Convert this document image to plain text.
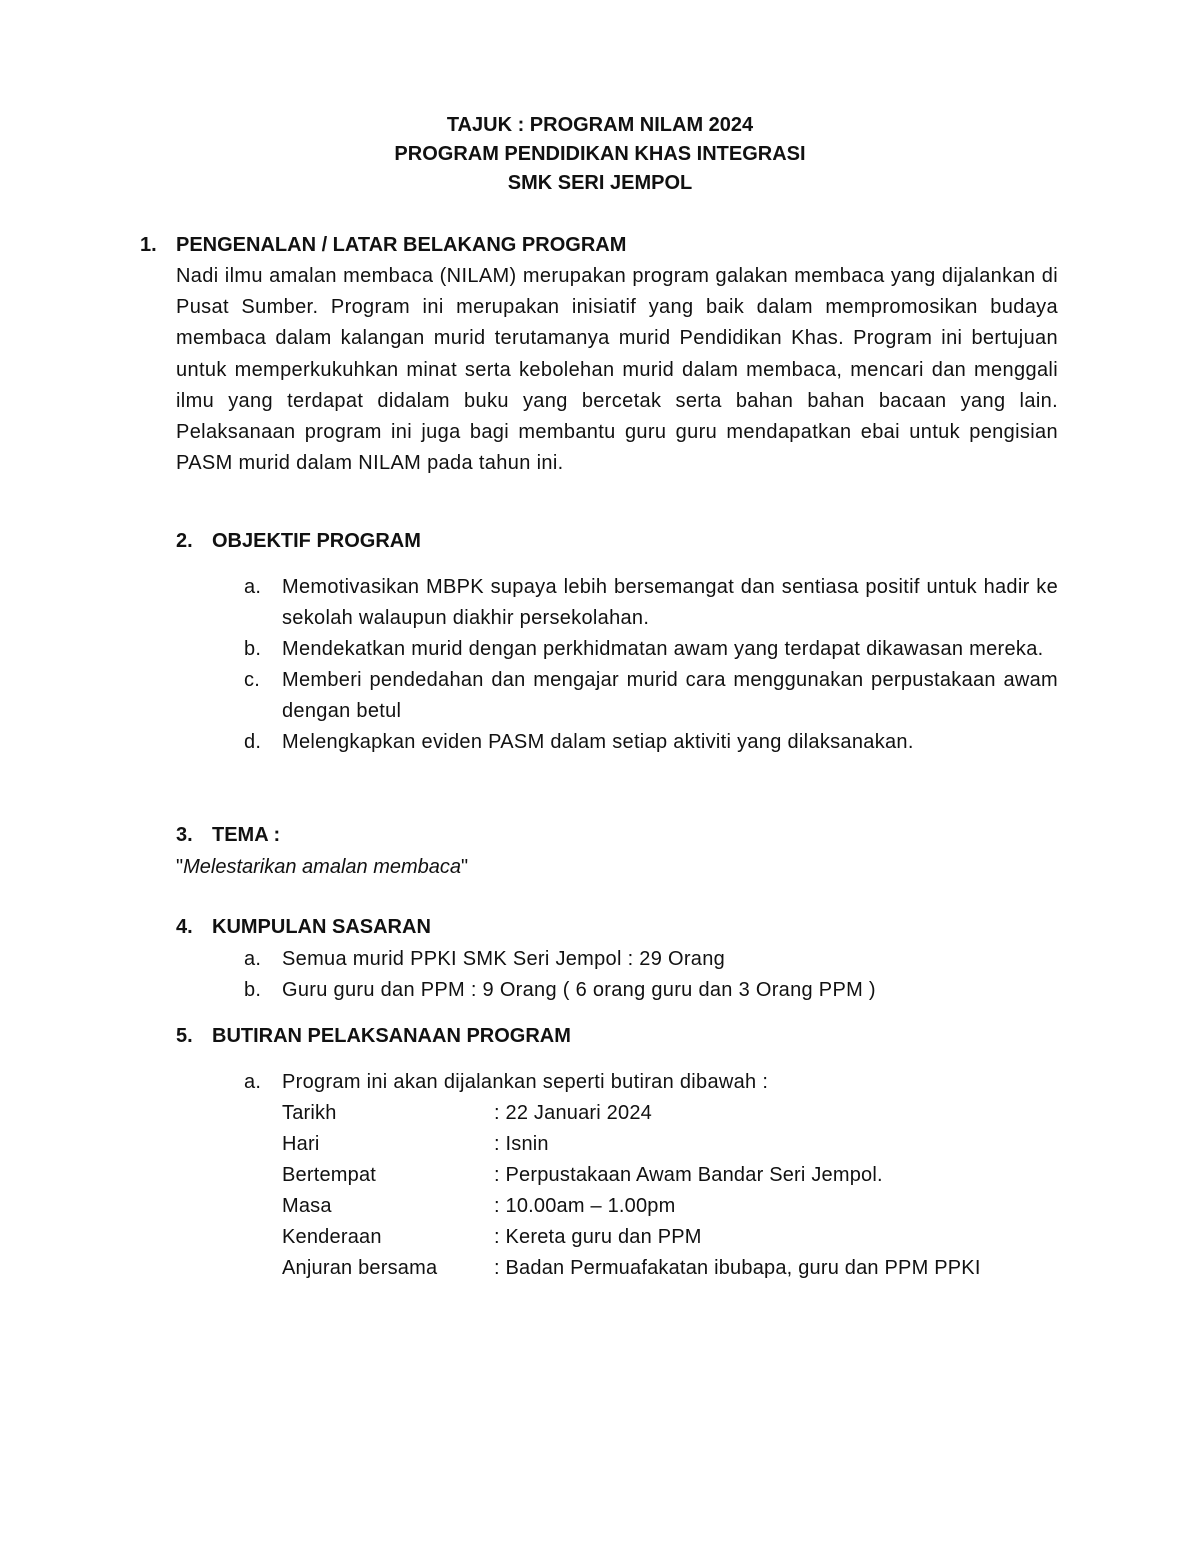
TAJUK : PROGRAM NILAM 2024
PROGRAM PENDIDIKAN KHAS INTEGRASI
SMK SERI JEMPOL
1. PENGENALAN / LATAR BELAKANG PROGRAM
Nadi ilmu amalan membaca (NILAM) merupakan program galakan membaca yang dijalankan di Pusat Sumber. Program ini merupakan inisiatif yang baik dalam mempromosikan budaya membaca dalam kalangan murid terutamanya murid Pendidikan Khas. Program ini bertujuan untuk memperkukuhkan minat serta kebolehan murid dalam membaca, mencari dan menggali ilmu yang terdapat didalam buku yang bercetak serta bahan bahan bacaan yang lain. Pelaksanaan program ini juga bagi membantu guru guru mendapatkan ebai untuk pengisian PASM murid dalam NILAM pada tahun ini.
2. OBJEKTIF PROGRAM
a. Memotivasikan MBPK supaya lebih bersemangat dan sentiasa positif untuk hadir ke sekolah walaupun diakhir persekolahan.
b. Mendekatkan murid dengan perkhidmatan awam yang terdapat dikawasan mereka.
c. Memberi pendedahan dan mengajar murid cara menggunakan perpustakaan awam dengan betul
d. Melengkapkan eviden PASM dalam setiap aktiviti yang dilaksanakan.
3. TEMA :
"Melestarikan amalan membaca"
4. KUMPULAN SASARAN
a. Semua murid PPKI SMK Seri Jempol : 29 Orang
b. Guru guru dan PPM : 9 Orang ( 6 orang guru dan 3 Orang PPM )
5. BUTIRAN PELAKSANAAN PROGRAM
a. Program ini akan dijalankan seperti butiran dibawah :
Tarikh	: 22 Januari 2024
Hari	: Isnin
Bertempat	: Perpustakaan Awam Bandar Seri Jempol.
Masa	: 10.00am – 1.00pm
Kenderaan	: Kereta guru dan PPM
Anjuran bersama	: Badan Permuafakatan ibubapa, guru dan PPM PPKI
